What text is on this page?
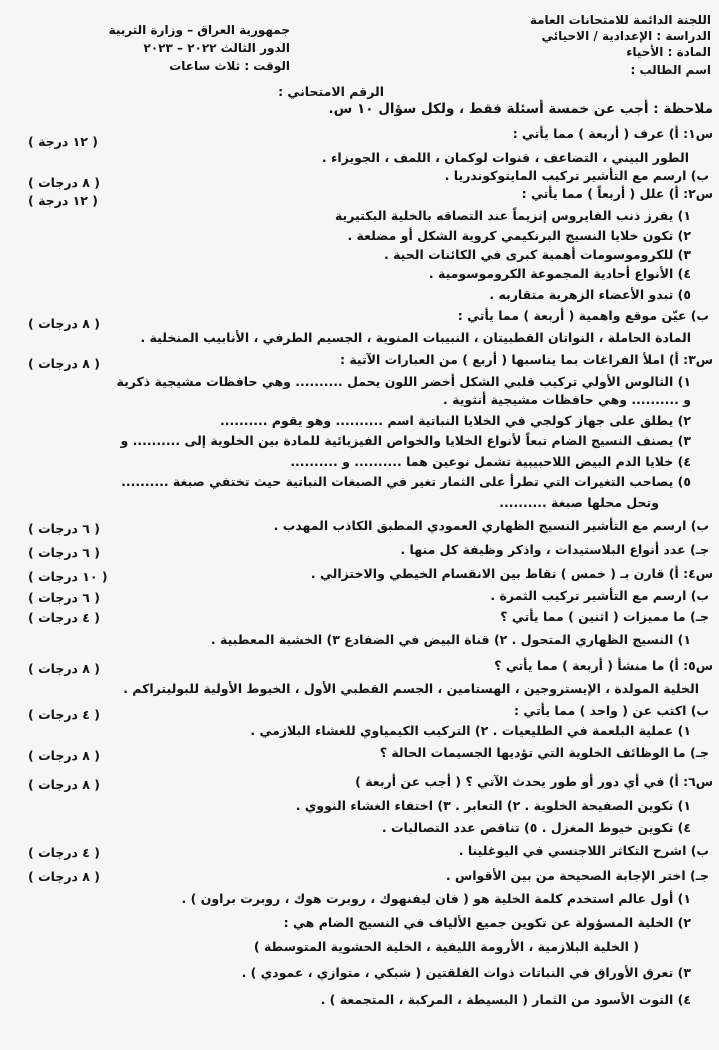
اللجنة الدائمة للامتحانات العامة
الدراسة : الإعدادية / الاحيائي
المادة : الأحياء
اسم الطالب :
جمهورية العراق – وزارة التربية
الدور الثالث ٢٠٢٢ – ٢٠٢٣
الوقت : ثلاث ساعات
الرقم الامتحاني :
ملاحظة : أجب عن خمسة أسئلة فقط ، ولكل سؤال ١٠ س.
س١: أ) عرف ( أربعة ) مما يأتي :
( ١٢ درجة )
الطور البيني ، التضاعف ، قنوات لوكمان ، اللمف ، الجويزاء .
ب) ارسم مع التأشير تركيب المايتوكوندريا .
( ٨ درجات )
س٢: أ) علل ( أربعاً ) مما يأتي :
( ١٢ درجة )
١) يفرز ذنب الفايروس إنزيماً عند التصاقه بالخلية البكتيرية
٢) تكون خلايا النسيج البرنكيمي كروية الشكل أو مضلعة .
٣) للكروموسومات أهمية كبرى في الكائنات الحية .
٤) الأنواع أحادية المجموعة الكروموسومية .
٥) تبدو الأعضاء الزهرية متقاربه .
ب) عيّن موقع واهمية ( أربعة ) مما يأتي :
( ٨ درجات )
المادة الحاملة ، النواتان القطبيتان ، النبيبات المنوية ، الجسيم الطرفي ، الأنابيب المنخلية .
س٣: أ) املأ الفراغات بما يناسبها ( أربع ) من العبارات الآتية :
( ٨ درجات )
١) الثالوس الأولي تركيب قلبي الشكل أخضر اللون يحمل .......... وهي حافظات مشيجية ذكرية
و .......... وهي حافظات مشيجية أنثوية .
٢) يطلق على جهاز كولجي في الخلايا النباتية اسم .......... وهو يقوم ..........
٣) يصنف النسيج الضام تبعاً لأنواع الخلايا والخواص الفيزيائية للمادة بين الخلوية إلى .......... و
٤) خلايا الدم البيض اللاحبيبية تشمل نوعين هما .......... و ..........
٥) يصاحب التغيرات التي تطرأ على الثمار تغير في الصبغات النباتية حيث تختفي صبغة ..........
وتحل محلها صبغة ..........
ب) ارسم مع التأشير النسيج الظهاري العمودي المطبق الكاذب المهدب .
( ٦ درجات )
جـ) عدد أنواع البلاستيدات ، واذكر وظيفة كل منها .
( ٦ درجات )
س٤: أ) قارن بـ ( خمس ) نقاط بين الانقسام الخيطي والاختزالي .
( ١٠ درجات )
ب) ارسم مع التأشير تركيب الثمرة .
( ٦ درجات )
جـ) ما مميزات ( اثنين ) مما يأتي ؟
( ٤ درجات )
١) النسيج الظهاري المتحول . ٢) قناة البيض في الضفادع ٣) الخشبة المعطبية .
س٥: أ) ما منشأ ( أربعة ) مما يأتي ؟
( ٨ درجات )
الخلية المولدة ، الإيستروجين ، الهستامين ، الجسم القطبي الأول ، الخيوط الأولية للبوليتراكم .
ب) اكتب عن ( واحد ) مما يأتي :
( ٤ درجات )
١) عملية البلعمة في الطليعيات . ٢) التركيب الكيمياوي للغشاء البلازمي .
جـ) ما الوظائف الخلوية التي تؤديها الجسيمات الحالة ؟
( ٨ درجات )
س٦: أ) في أي دور أو طور يحدث الآتي ؟ ( أجب عن أربعة )
( ٨ درجات )
١) تكوين الصفيحة الخلوية . ٢) التعابر . ٣) اختفاء الغشاء النووي .
٤) تكوين خيوط المغزل . ٥) تناقص عدد التصالبات .
ب) اشرح التكاثر اللاجنسي في اليوغلينا .
( ٤ درجات )
جـ) اختر الإجابة الصحيحة من بين الأقواس .
( ٨ درجات )
١) أول عالم استخدم كلمة الخلية هو ( فان ليفنهوك ، روبرت هوك ، روبرت براون ) .
٢) الخلية المسؤولة عن تكوين جميع الألياف في النسيج الضام هي :
( الخلية البلازمية ، الأرومة الليفية ، الخلية الحشوية المتوسطة )
٣) تعرق الأوراق في النباتات ذوات الفلقتين ( شبكي ، متوازي ، عمودي ) .
٤) التوت الأسود من الثمار ( البسيطة ، المركبة ، المتجمعة ) .
